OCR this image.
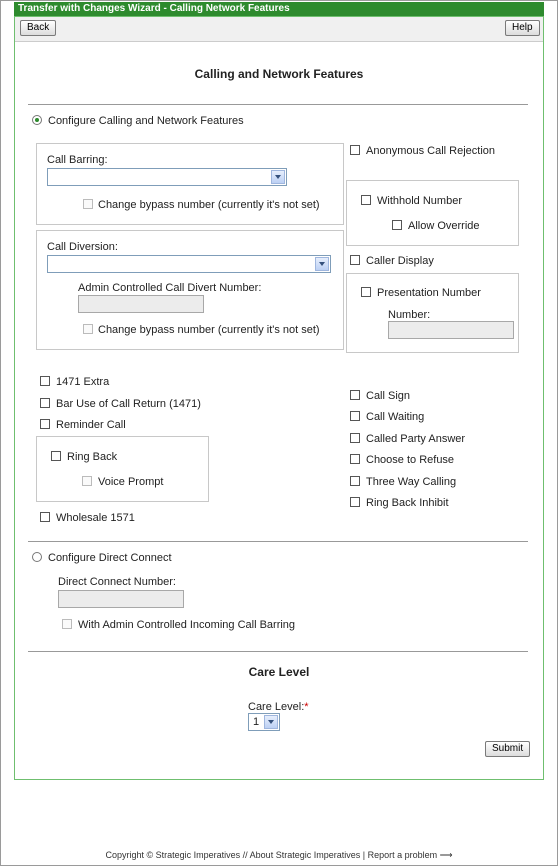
Transfer with Changes Wizard - Calling Network Features
Back	Help
Calling and Network Features
Configure Calling and Network Features
Call Barring:
Change bypass number (currently it's not set)
Call Diversion:
Admin Controlled Call Divert Number:
Change bypass number (currently it's not set)
Anonymous Call Rejection
Withhold Number
Allow Override
Caller Display
Presentation Number
Number:
1471 Extra
Bar Use of Call Return (1471)
Reminder Call
Ring Back
Voice Prompt
Wholesale 1571
Call Sign
Call Waiting
Called Party Answer
Choose to Refuse
Three Way Calling
Ring Back Inhibit
Configure Direct Connect
Direct Connect Number:
With Admin Controlled Incoming Call Barring
Care Level
Care Level:*
1
Submit
Copyright © Strategic Imperatives // About Strategic Imperatives | Report a problem ⟶
